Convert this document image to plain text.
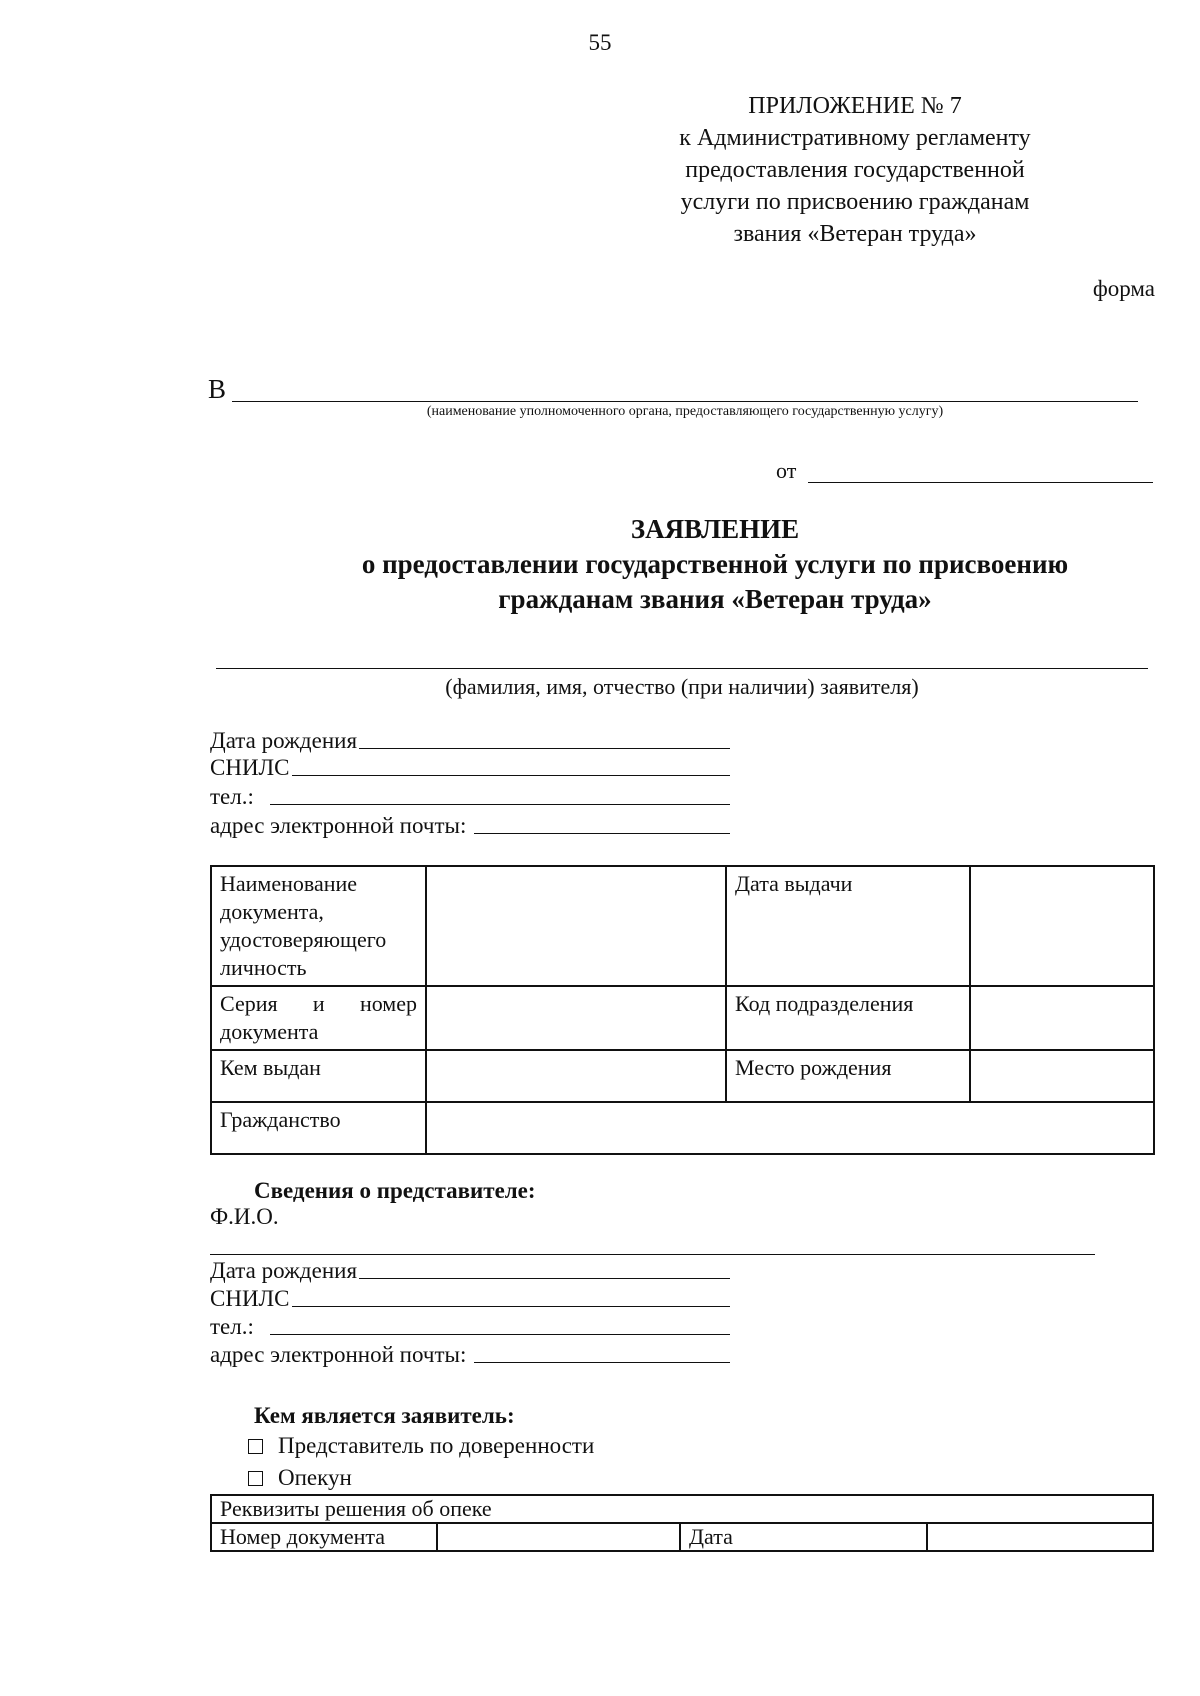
55
ПРИЛОЖЕНИЕ № 7
к Административному регламенту
предоставления государственной
услуги по присвоению гражданам
звания «Ветеран труда»
форма
В
(наименование уполномоченного органа, предоставляющего государственную услугу)
от
ЗАЯВЛЕНИЕ
о предоставлении государственной услуги по присвоению
гражданам звания «Ветеран труда»
(фамилия, имя, отчество (при наличии) заявителя)
Дата рождения
СНИЛС
тел.:
адрес электронной почты:
Наименование документа, удостоверяющего личность		Дата выдачи	

Серия и номер
документа		Код подразделения	
Кем выдан		Место рождения	
Гражданство			
Сведения о представителе:
Ф.И.О.
Дата рождения
СНИЛС
тел.:
адрес электронной почты:
Кем является заявитель:
Представитель по доверенности
Опекун
Реквизиты решения об опеке
Номер документа		Дата	
